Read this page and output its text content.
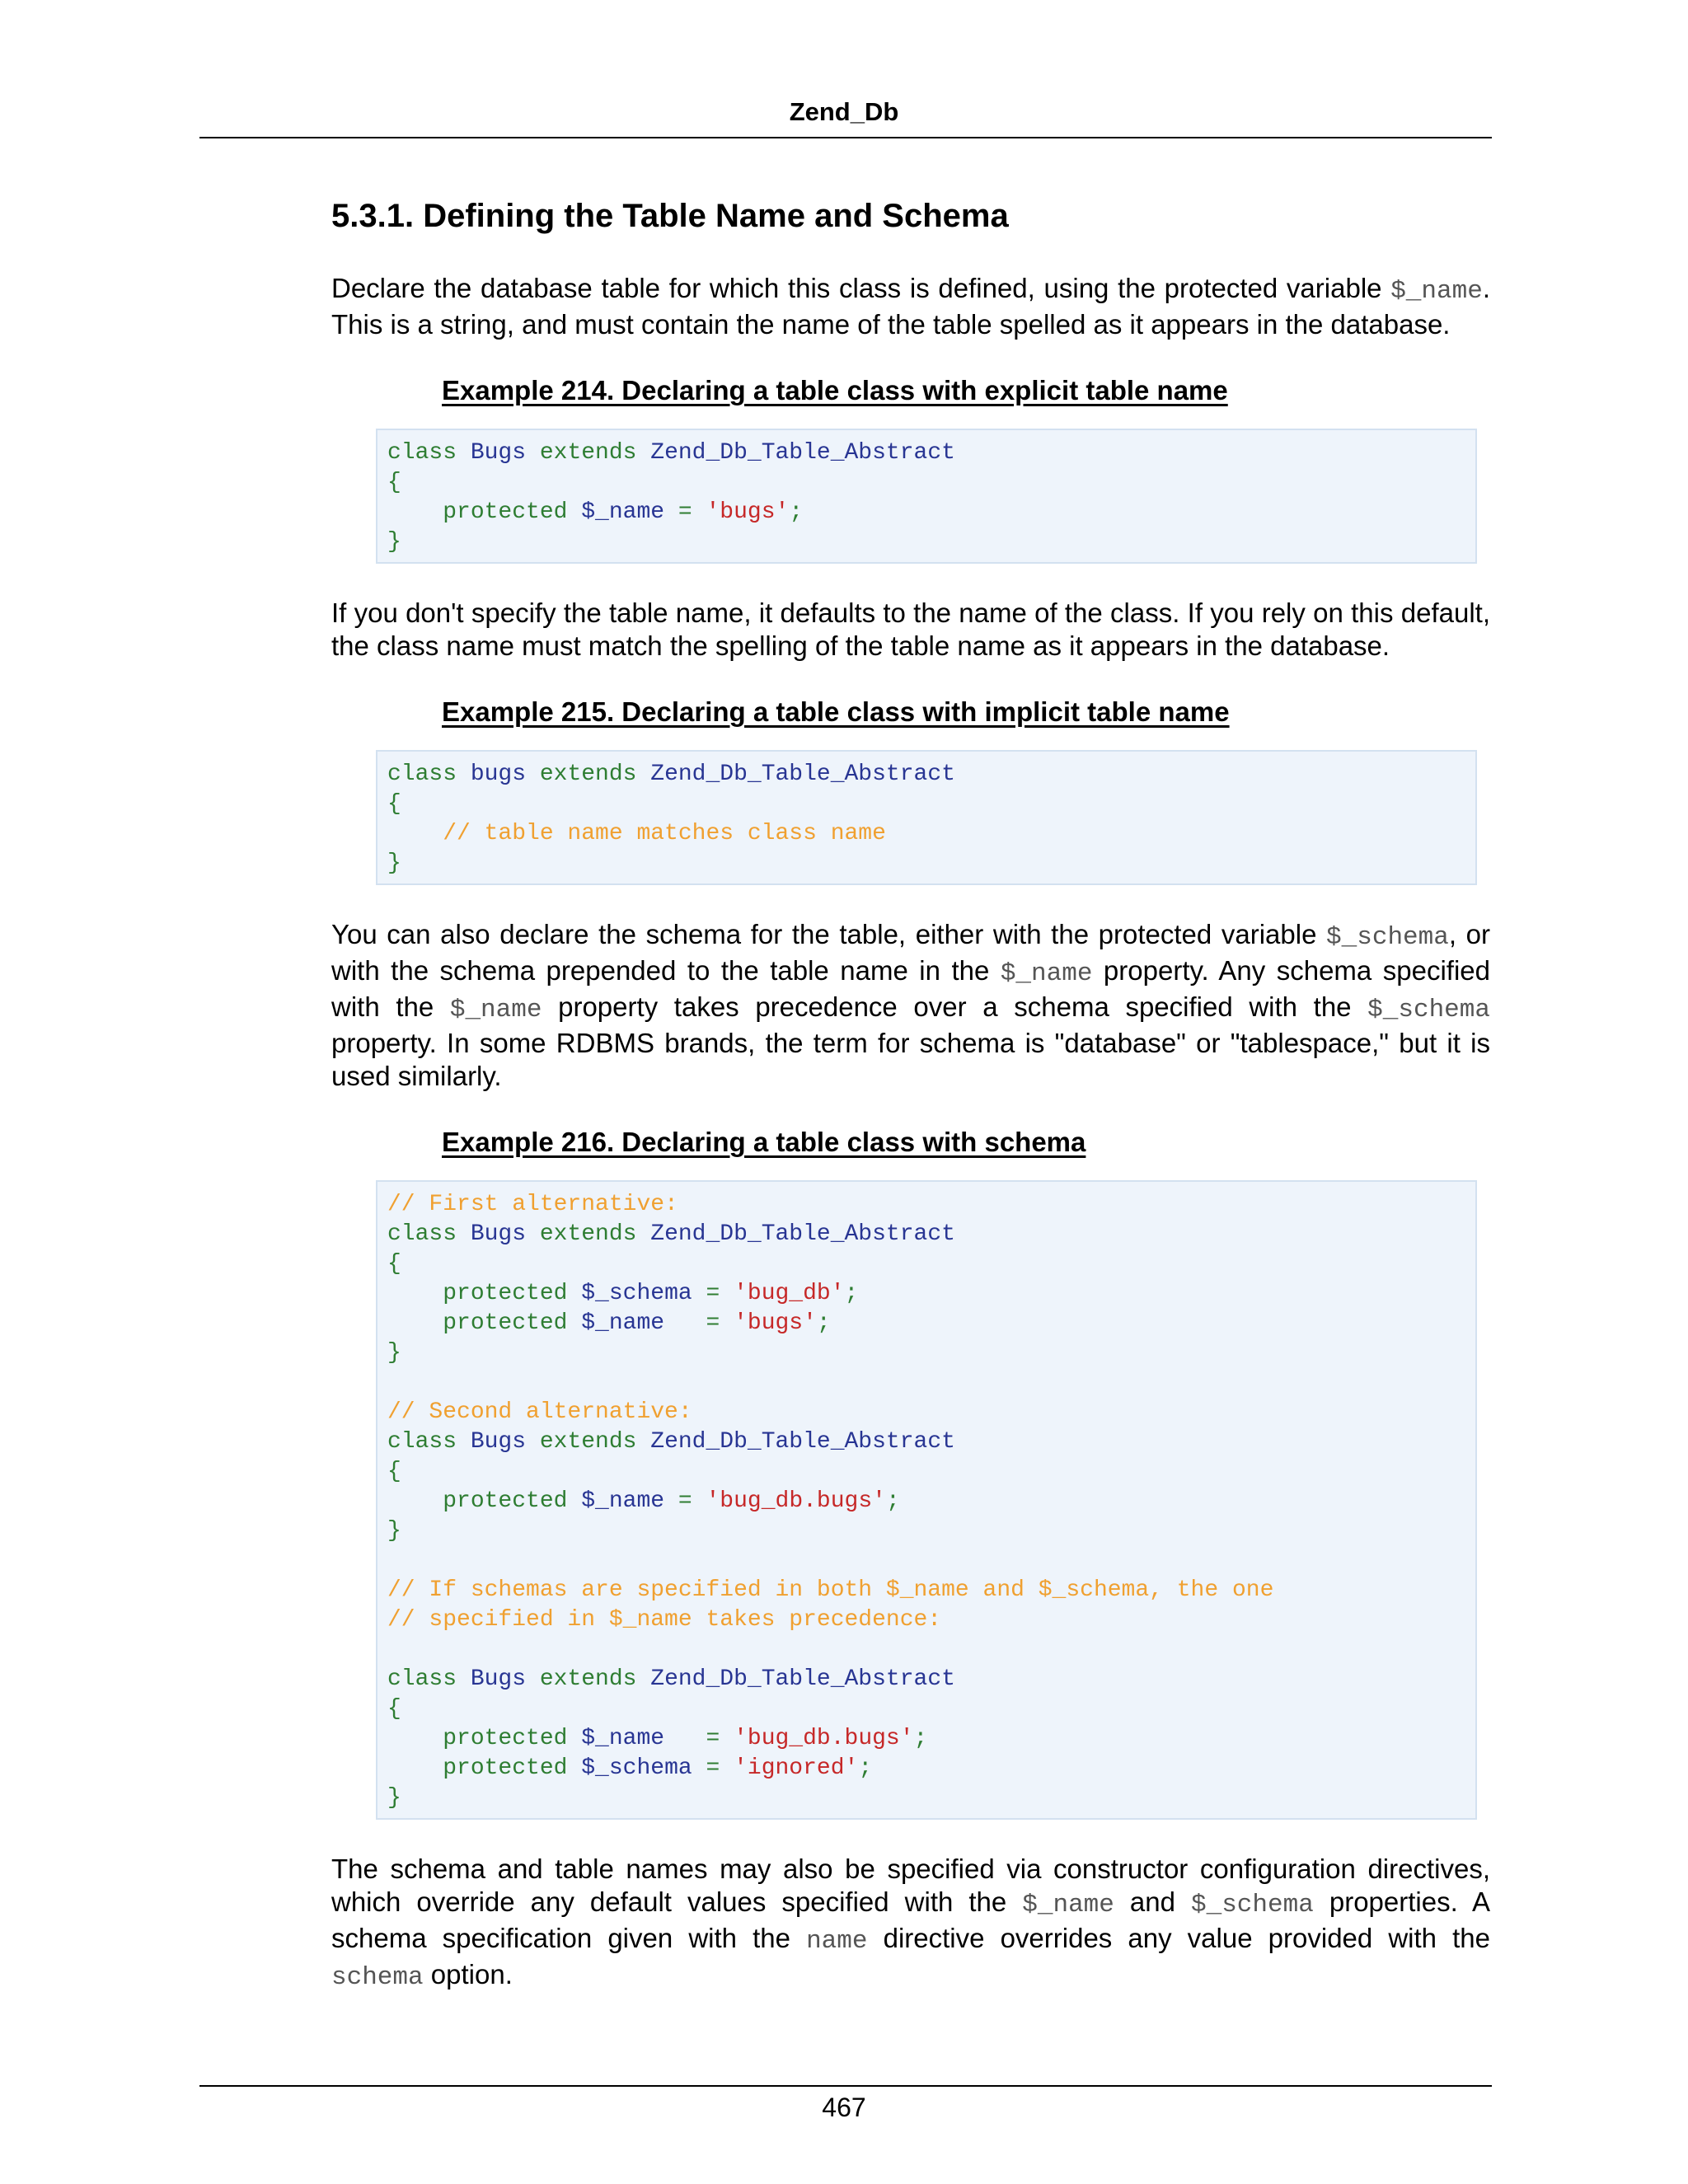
Zend_Db
5.3.1. Defining the Table Name and Schema

Declare the database table for which this class is defined, using the protected variable $_name. This is a string, and must contain the name of the table spelled as it appears in the database.

Example 214. Declaring a table class with explicit table name
class Bugs extends Zend_Db_Table_Abstract
{
protected $_name = 'bugs';
}

If you don't specify the table name, it defaults to the name of the class. If you rely on this default, the class name must match the spelling of the table name as it appears in the database.

Example 215. Declaring a table class with implicit table name
class bugs extends Zend_Db_Table_Abstract
{
// table name matches class name
}

You can also declare the schema for the table, either with the protected variable $_schema, or with the schema prepended to the table name in the $_name property. Any schema specified with the $_name property takes precedence over a schema specified with the $_schema property. In some RDBMS brands, the term for schema is "database" or "tablespace," but it is used similarly.

Example 216. Declaring a table class with schema
// First alternative:
class Bugs extends Zend_Db_Table_Abstract
{
protected $_schema = 'bug_db';
protected $_name   = 'bugs';
}
// Second alternative:
class Bugs extends Zend_Db_Table_Abstract
{
protected $_name = 'bug_db.bugs';
}
// If schemas are specified in both $_name and $_schema, the one
// specified in $_name takes precedence:
class Bugs extends Zend_Db_Table_Abstract
{
protected $_name   = 'bug_db.bugs';
protected $_schema = 'ignored';
}

The schema and table names may also be specified via constructor configuration directives, which override any default values specified with the $_name and $_schema properties. A schema specification given with the name directive overrides any value provided with the schema option.

467
